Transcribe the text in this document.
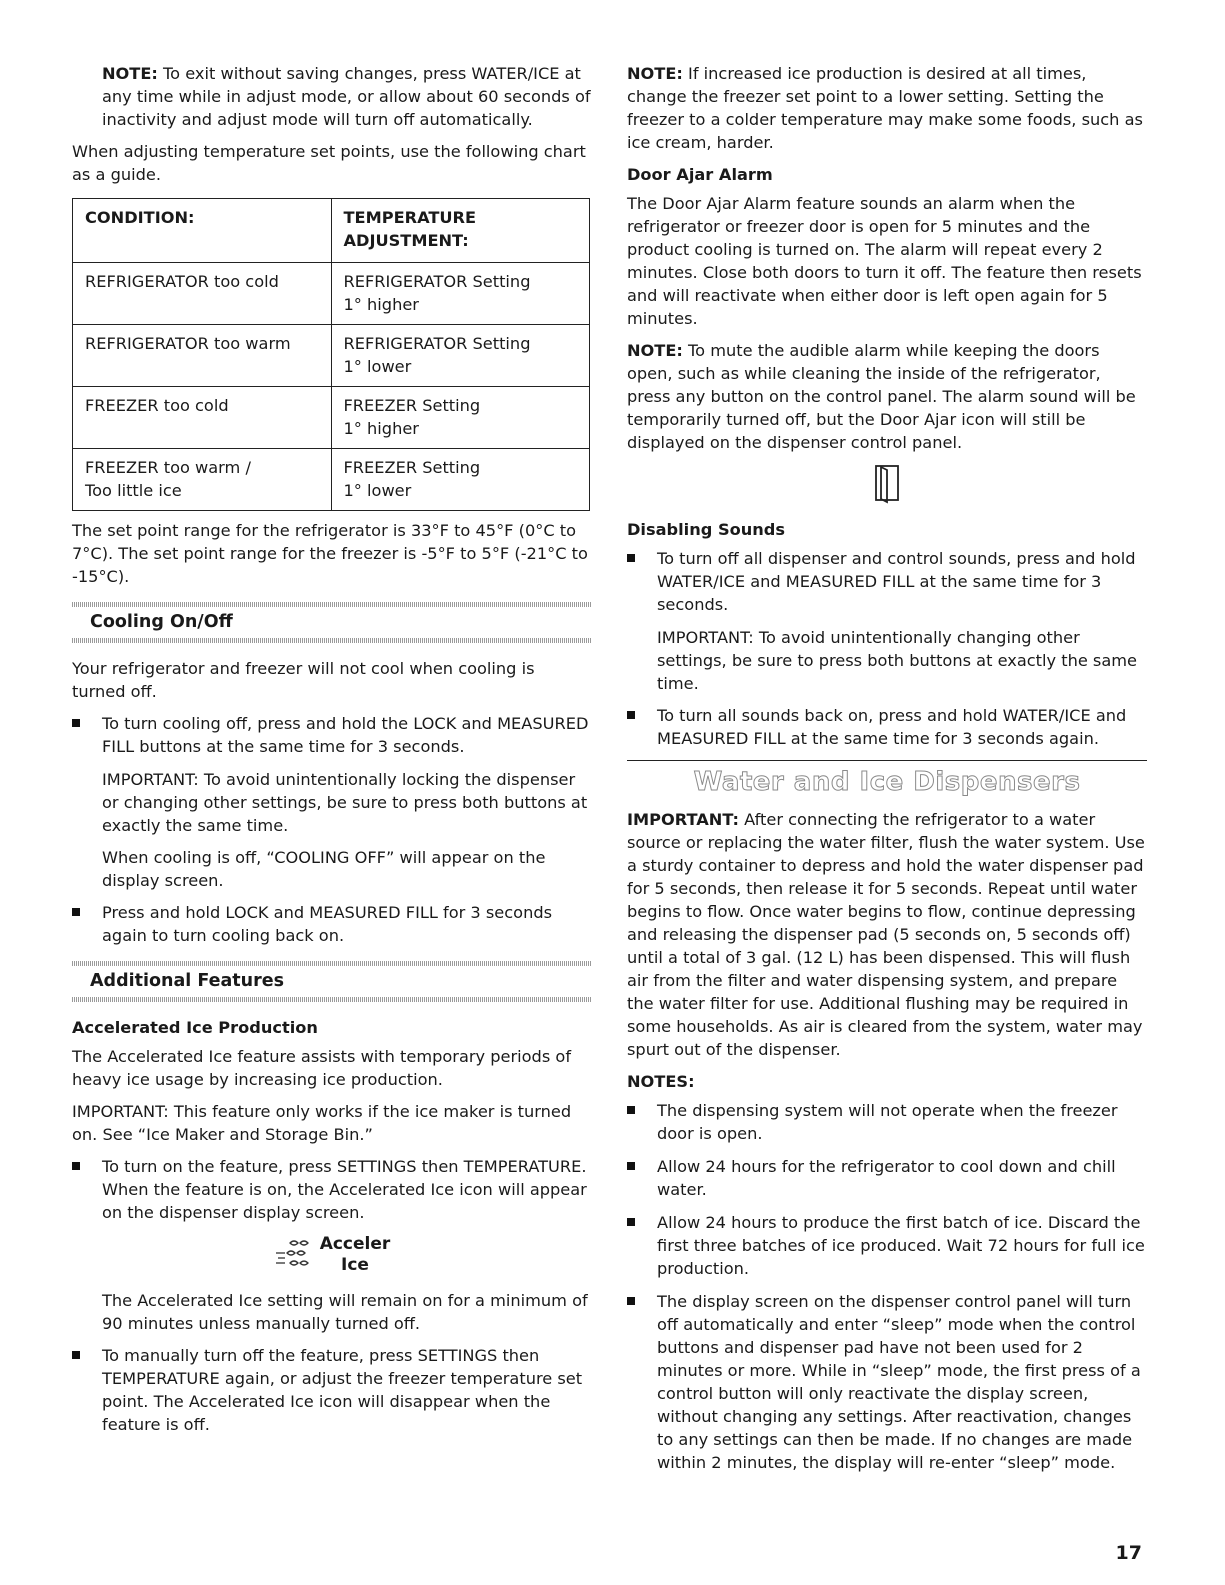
NOTE: To exit without saving changes, press WATER/ICE at any time while in adjust mode, or allow about 60 seconds of inactivity and adjust mode will turn off automatically.

When adjusting temperature set points, use the following chart as a guide.

CONDITION:	TEMPERATURE ADJUSTMENT:
REFRIGERATOR too cold	REFRIGERATOR Setting
1° higher
REFRIGERATOR too warm	REFRIGERATOR Setting
1° lower
FREEZER too cold	FREEZER Setting
1° higher
FREEZER too warm /
Too little ice	FREEZER Setting
1° lower

The set point range for the refrigerator is 33°F to 45°F (0°C to 7°C). The set point range for the freezer is -5°F to 5°F (-21°C to -15°C).

Cooling On/Off

Your refrigerator and freezer will not cool when cooling is turned off.

To turn cooling off, press and hold the LOCK and MEASURED FILL buttons at the same time for 3 seconds.

IMPORTANT: To avoid unintentionally locking the dispenser or changing other settings, be sure to press both buttons at exactly the same time.

When cooling is off, “COOLING OFF” will appear on the display screen.

Press and hold LOCK and MEASURED FILL for 3 seconds again to turn cooling back on.
Additional Features
Accelerated Ice Production

The Accelerated Ice feature assists with temporary periods of heavy ice usage by increasing ice production.

IMPORTANT: This feature only works if the ice maker is turned on. See “Ice Maker and Storage Bin.”

To turn on the feature, press SETTINGS then TEMPERATURE. When the feature is on, the Accelerated Ice icon will appear on the dispenser display screen.
Acceler
Ice

The Accelerated Ice setting will remain on for a minimum of 90 minutes unless manually turned off.

To manually turn off the feature, press SETTINGS then TEMPERATURE again, or adjust the freezer temperature set point. The Accelerated Ice icon will disappear when the feature is off.

NOTE: If increased ice production is desired at all times, change the freezer set point to a lower setting. Setting the freezer to a colder temperature may make some foods, such as ice cream, harder.

Door Ajar Alarm

The Door Ajar Alarm feature sounds an alarm when the refrigerator or freezer door is open for 5 minutes and the product cooling is turned on. The alarm will repeat every 2 minutes. Close both doors to turn it off. The feature then resets and will reactivate when either door is left open again for 5 minutes.

NOTE: To mute the audible alarm while keeping the doors open, such as while cleaning the inside of the refrigerator, press any button on the control panel. The alarm sound will be temporarily turned off, but the Door Ajar icon will still be displayed on the dispenser control panel.

Disabling Sounds
To turn off all dispenser and control sounds, press and hold WATER/ICE and MEASURED FILL at the same time for 3 seconds.

IMPORTANT: To avoid unintentionally changing other settings, be sure to press both buttons at exactly the same time.

To turn all sounds back on, press and hold WATER/ICE and MEASURED FILL at the same time for 3 seconds again.
Water and Ice Dispensers

IMPORTANT: After connecting the refrigerator to a water source or replacing the water filter, flush the water system. Use a sturdy container to depress and hold the water dispenser pad for 5 seconds, then release it for 5 seconds. Repeat until water begins to flow. Once water begins to flow, continue depressing and releasing the dispenser pad (5 seconds on, 5 seconds off) until a total of 3 gal. (12 L) has been dispensed. This will flush air from the filter and water dispensing system, and prepare the water filter for use. Additional flushing may be required in some households. As air is cleared from the system, water may spurt out of the dispenser.

NOTES:
The dispensing system will not operate when the freezer door is open.
Allow 24 hours for the refrigerator to cool down and chill water.
Allow 24 hours to produce the first batch of ice. Discard the first three batches of ice produced. Wait 72 hours for full ice production.
The display screen on the dispenser control panel will turn off automatically and enter “sleep” mode when the control buttons and dispenser pad have not been used for 2 minutes or more. While in “sleep” mode, the first press of a control button will only reactivate the display screen, without changing any settings. After reactivation, changes to any settings can then be made. If no changes are made within 2 minutes, the display will re-enter “sleep” mode.
17
